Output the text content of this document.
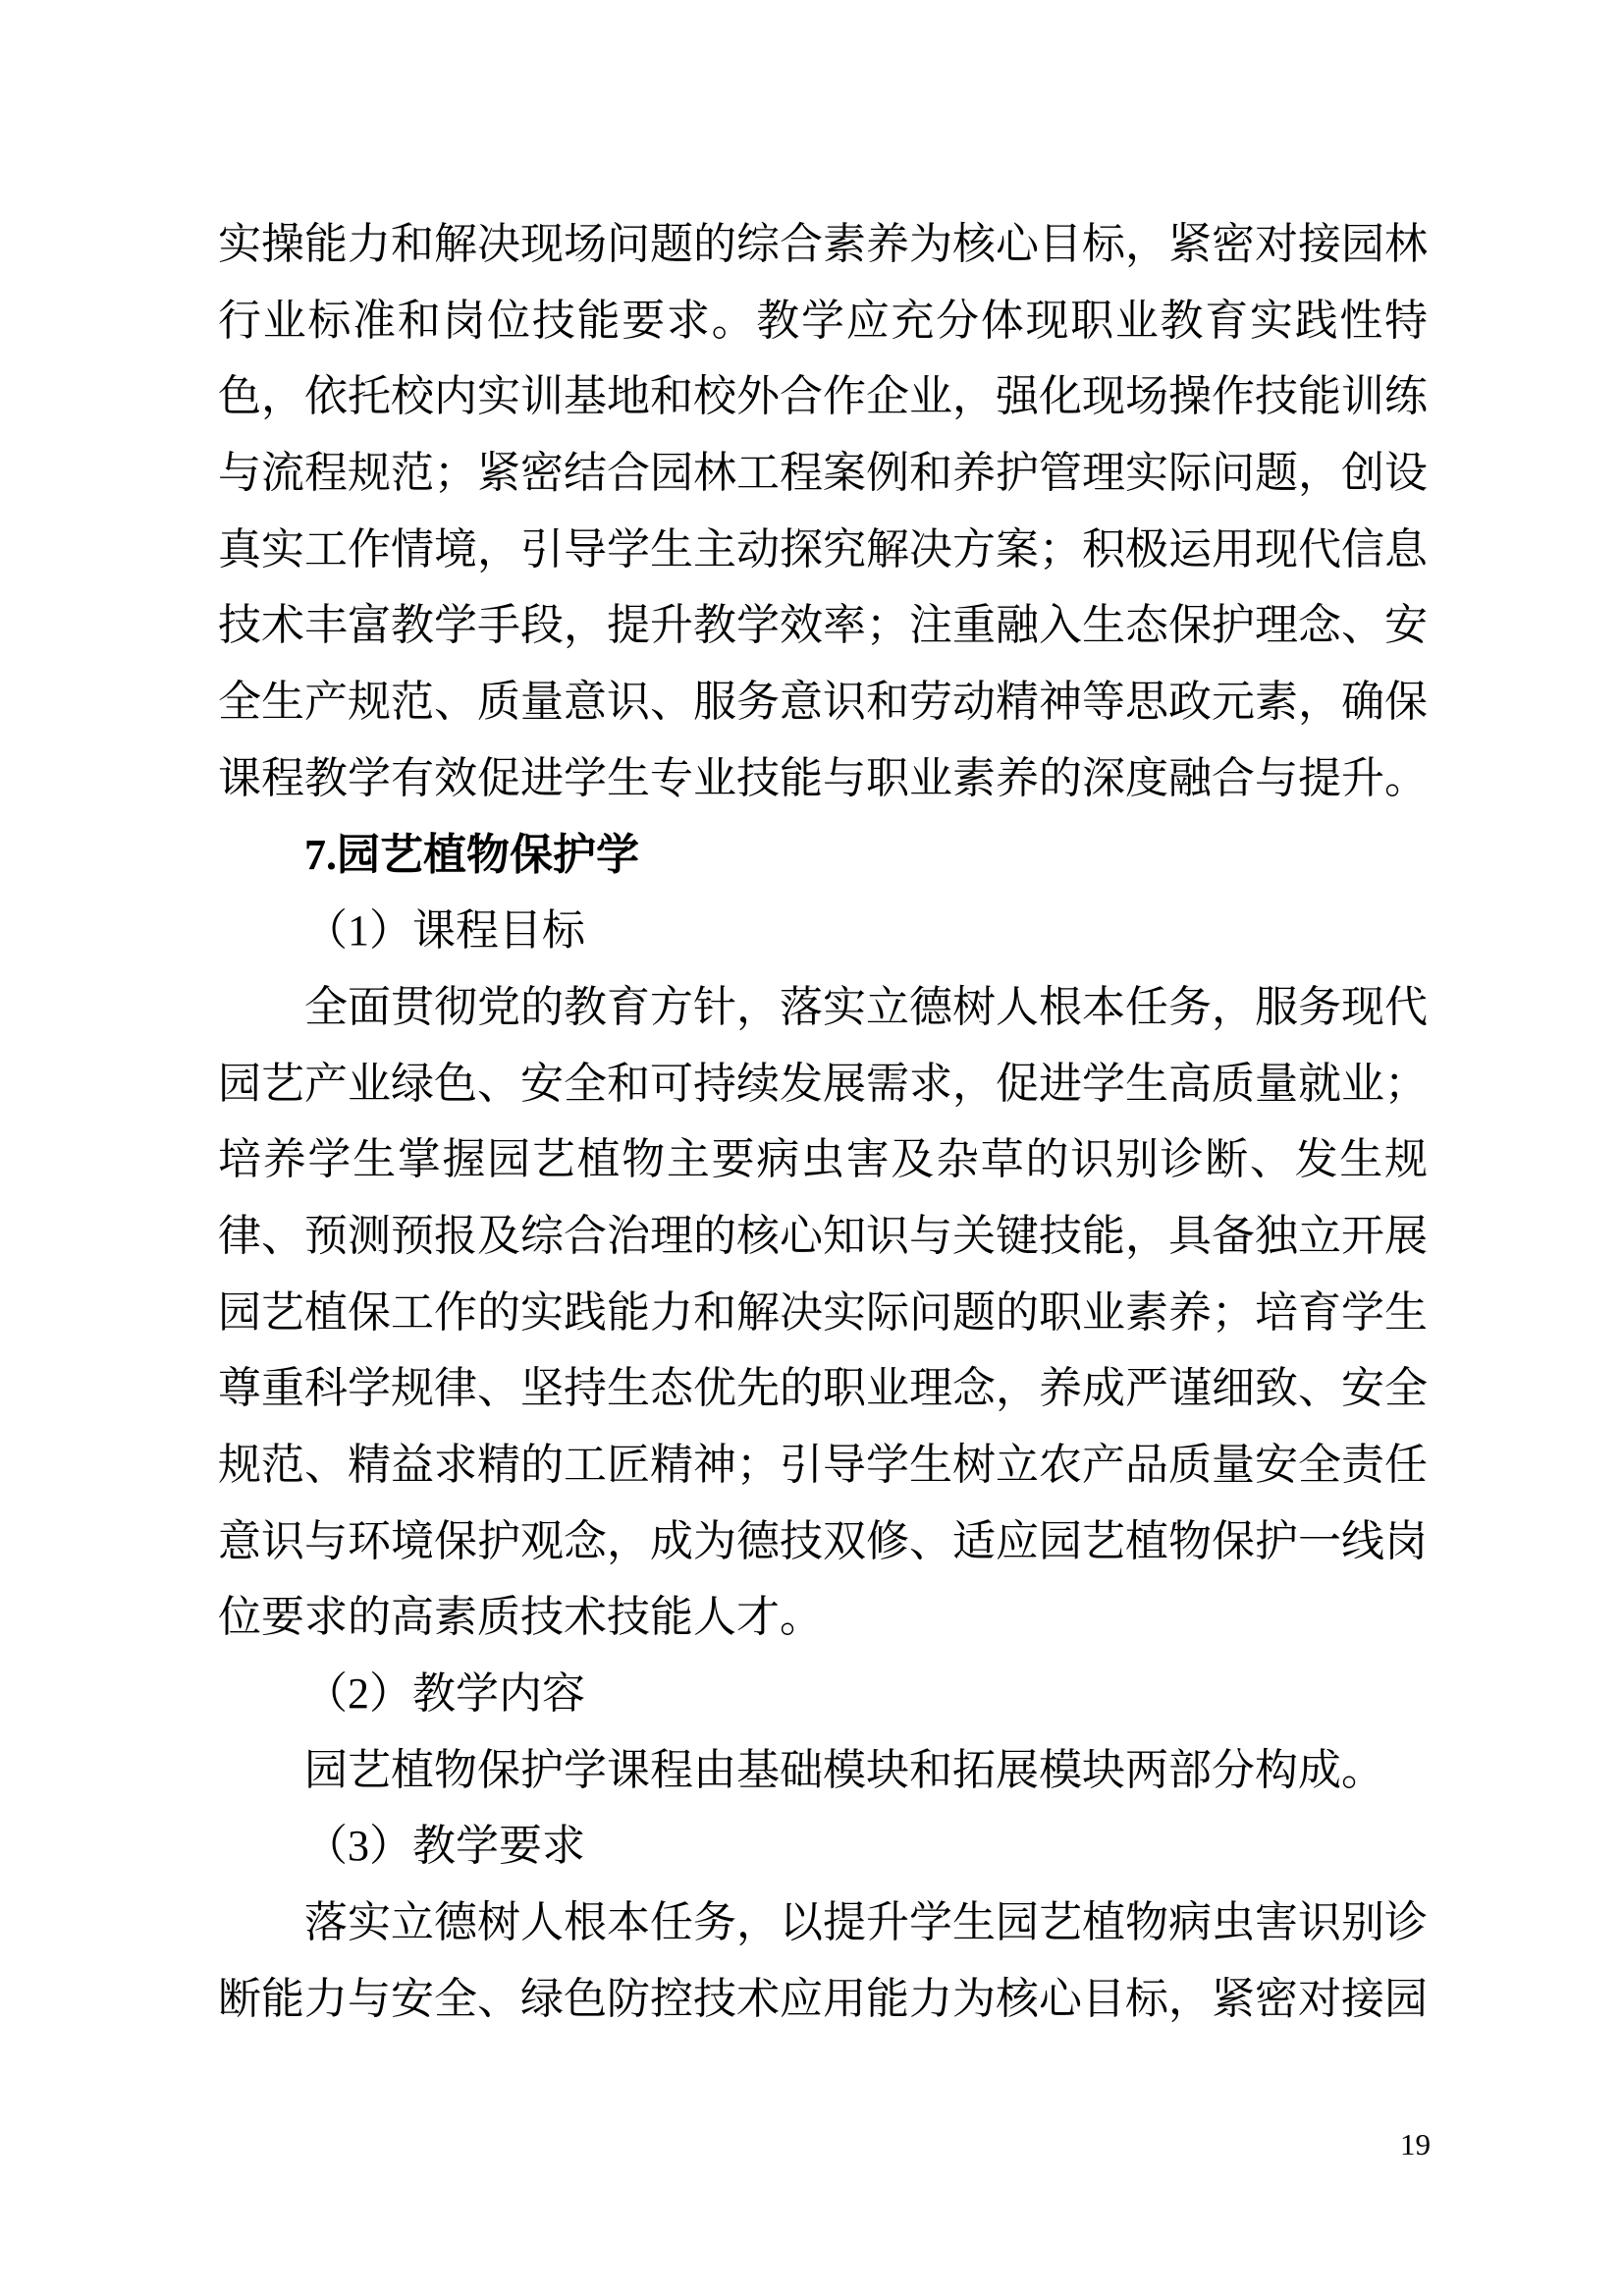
实操能力和解决现场问题的综合素养为核心目标，紧密对接园林
行业标准和岗位技能要求。教学应充分体现职业教育实践性特
色，依托校内实训基地和校外合作企业，强化现场操作技能训练
与流程规范；紧密结合园林工程案例和养护管理实际问题，创设
真实工作情境，引导学生主动探究解决方案；积极运用现代信息
技术丰富教学手段，提升教学效率；注重融入生态保护理念、安
全生产规范、质量意识、服务意识和劳动精神等思政元素，确保
课程教学有效促进学生专业技能与职业素养的深度融合与提升。
7.园艺植物保护学
（1）课程目标
全面贯彻党的教育方针，落实立德树人根本任务，服务现代
园艺产业绿色、安全和可持续发展需求，促进学生高质量就业；
培养学生掌握园艺植物主要病虫害及杂草的识别诊断、发生规
律、预测预报及综合治理的核心知识与关键技能，具备独立开展
园艺植保工作的实践能力和解决实际问题的职业素养；培育学生
尊重科学规律、坚持生态优先的职业理念，养成严谨细致、安全
规范、精益求精的工匠精神；引导学生树立农产品质量安全责任
意识与环境保护观念，成为德技双修、适应园艺植物保护一线岗
位要求的高素质技术技能人才。
（2）教学内容
园艺植物保护学课程由基础模块和拓展模块两部分构成。
（3）教学要求
落实立德树人根本任务，以提升学生园艺植物病虫害识别诊
断能力与安全、绿色防控技术应用能力为核心目标，紧密对接园
19
